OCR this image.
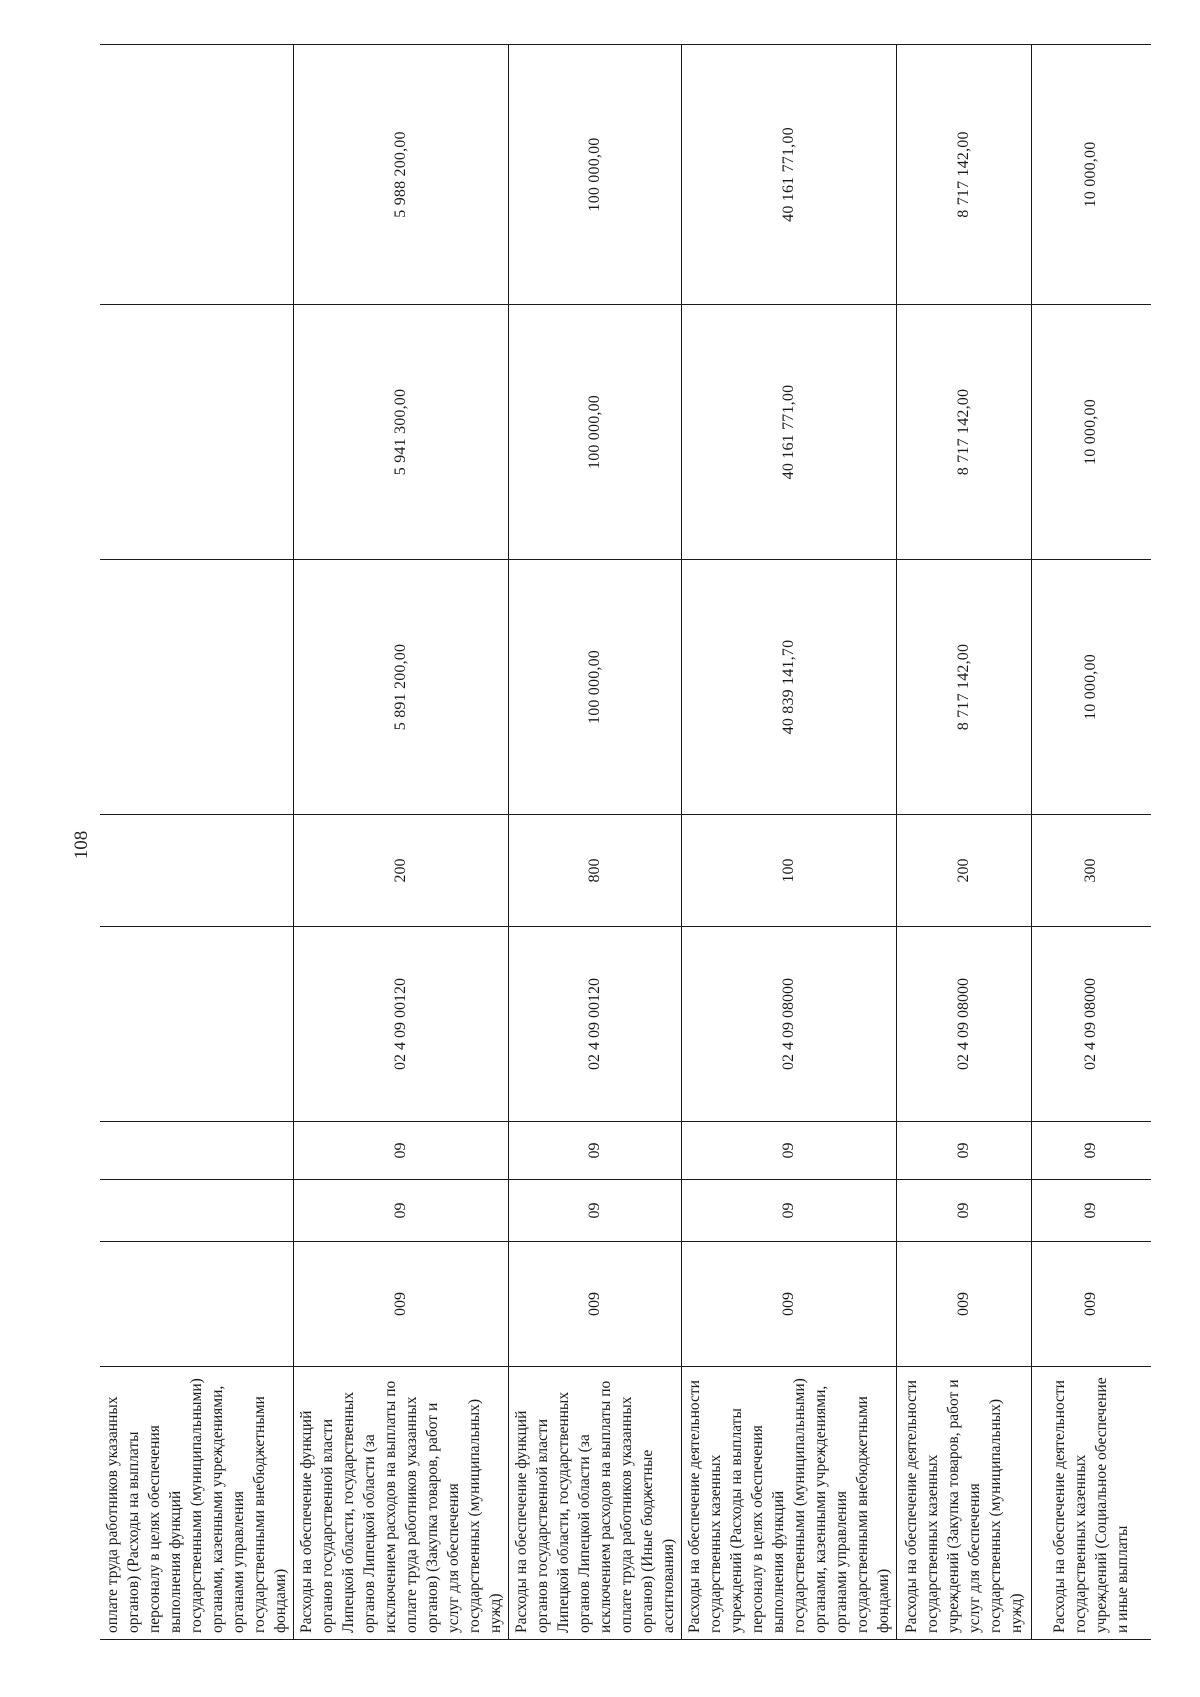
108
оплате труда работников указанных органов) (Расходы на выплаты персоналу в целях обеспечения выполнения функций государственными (муниципальными) органами, казенными учреждениями, органами управления государственными внебюджетными фондами)								
Расходы на обеспечение функций органов государственной власти Липецкой области, государственных органов Липецкой области (за исключением расходов на выплаты по оплате труда работников указанных органов) (Закупка товаров, работ и услуг для обеспечения государственных (муниципальных) нужд)	009	09	09	02 4 09 00120	200	5 891 200,00	5 941 300,00	5 988 200,00
Расходы на обеспечение функций органов государственной власти Липецкой области, государственных органов Липецкой области (за исключением расходов на выплаты по оплате труда работников указанных органов) (Иные бюджетные ассигнования)	009	09	09	02 4 09 00120	800	100 000,00	100 000,00	100 000,00
Расходы на обеспечение деятельности государственных казенных учреждений (Расходы на выплаты персоналу в целях обеспечения выполнения функций государственными (муниципальными) органами, казенными учреждениями, органами управления государственными внебюджетными фондами)	009	09	09	02 4 09 08000	100	40 839 141,70	40 161 771,00	40 161 771,00
Расходы на обеспечение деятельности государственных казенных учреждений (Закупка товаров, работ и услуг для обеспечения государственных (муниципальных) нужд)	009	09	09	02 4 09 08000	200	8 717 142,00	8 717 142,00	8 717 142,00
Расходы на обеспечение деятельности государственных казенных учреждений (Социальное обеспечение и иные выплаты	009	09	09	02 4 09 08000	300	10 000,00	10 000,00	10 000,00
